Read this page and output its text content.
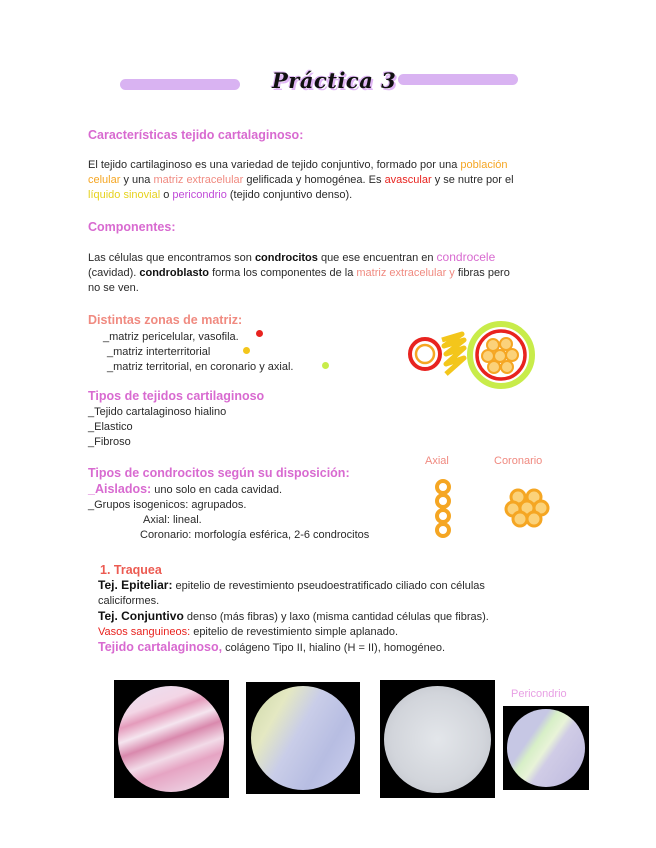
Práctica 3
Características tejido cartalaginoso:
El tejido cartilaginoso es una variedad de tejido conjuntivo, formado por una población
celular y una matriz extracelular gelificada y homogénea. Es avascular y se nutre por el
líquido sinovial o pericondrio (tejido conjuntivo denso).
Componentes:
Las células que encontramos son condrocitos que ese encuentran en condrocele
(cavidad). condroblasto forma los componentes de la matriz extracelular y fibras pero
no se ven.
Distintas zonas de matriz:
_matriz pericelular, vasofila.
_matriz interterritorial
_matriz territorial, en coronario y axial.
Tipos de tejidos cartilaginoso
_Tejido cartalaginoso hialino
_Elastico
_Fibroso
Tipos de condrocitos según su disposición:
_Aislados: uno solo en cada cavidad.
_Grupos isogenicos: agrupados.
Axial: lineal.
Coronario: morfología esférica, 2-6 condrocitos
Axial	Coronario
1. Traquea
Tej. Epiteliar: epitelio de revestimiento pseudoestratificado ciliado con células
caliciformes.
Tej. Conjuntivo denso (más fibras) y laxo (misma cantidad células que fibras).
Vasos sanguineos: epitelio de revestimiento simple aplanado.
Tejido cartalaginoso, colágeno Tipo II, hialino (H = II), homogéneo.
Pericondrio
